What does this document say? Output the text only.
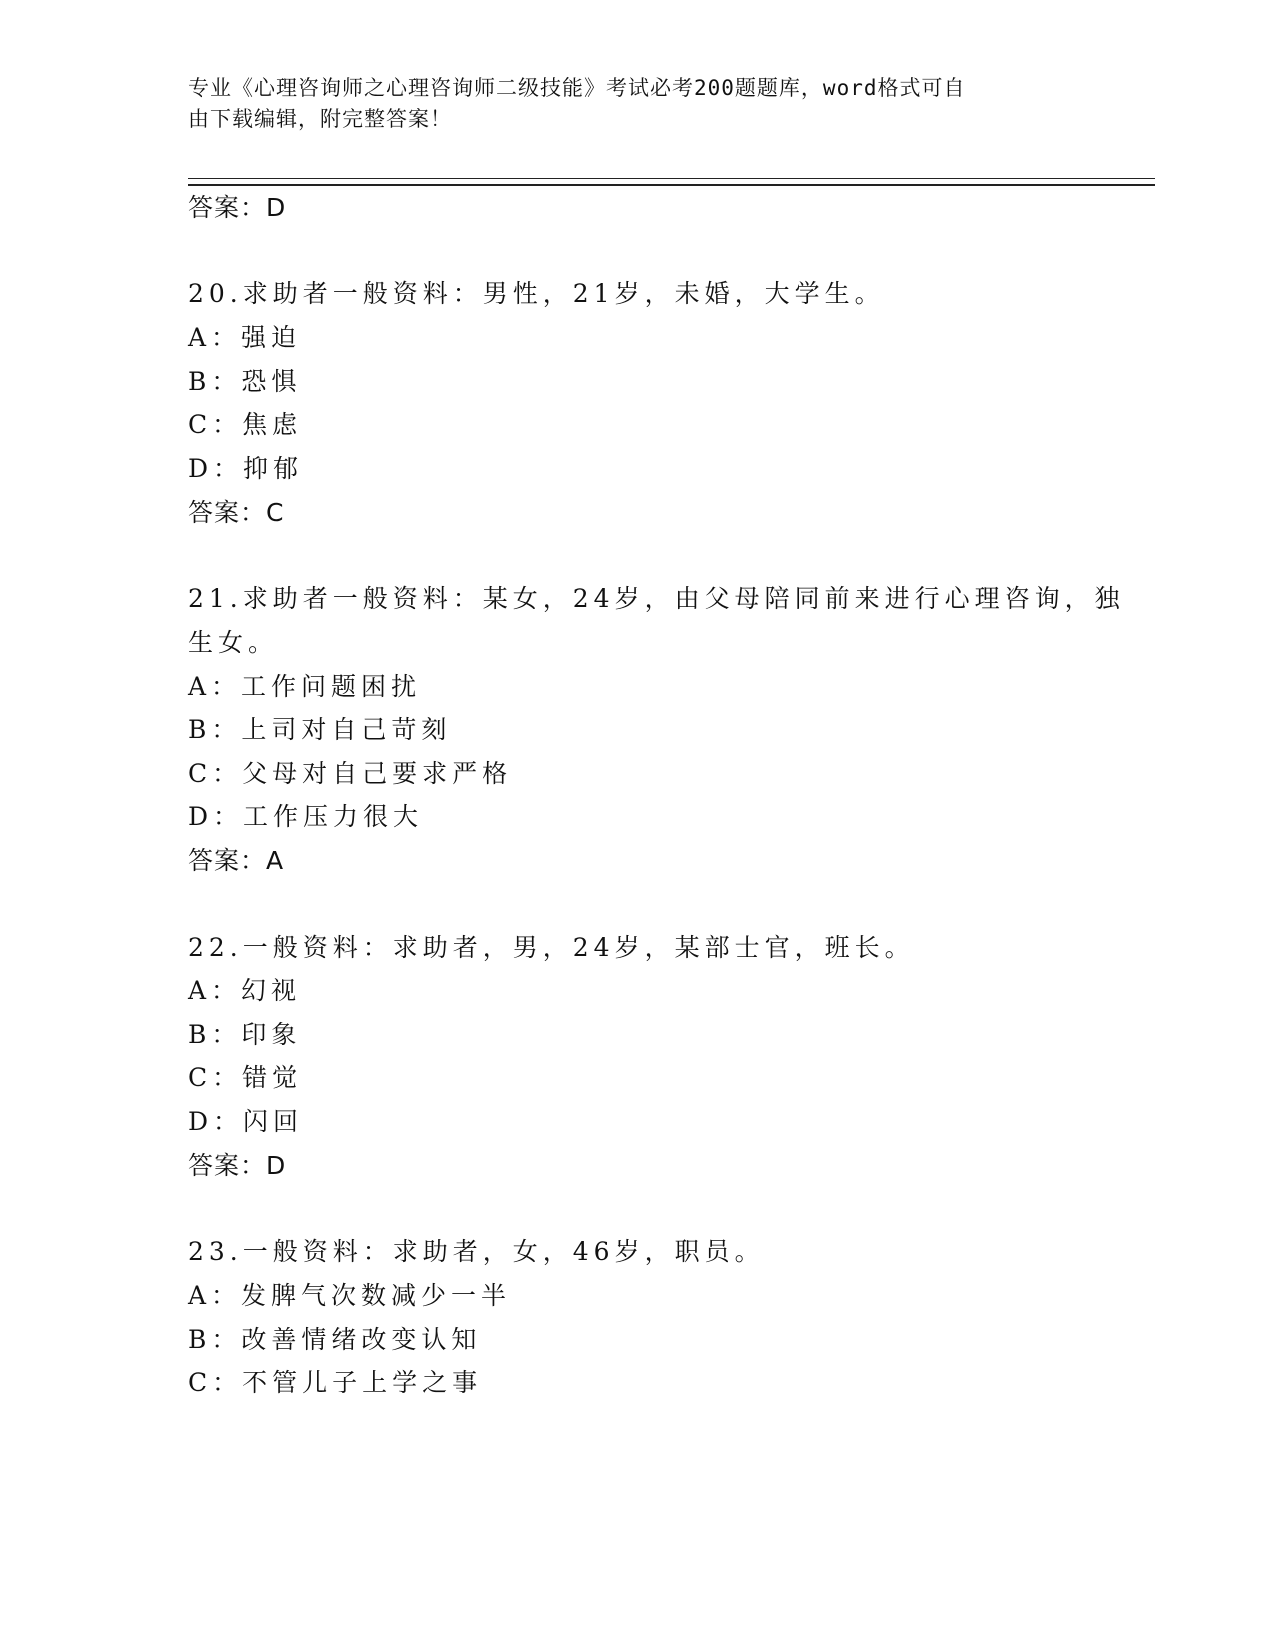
专业《心理咨询师之心理咨询师二级技能》考试必考200题题库，word格式可自
由下载编辑，附完整答案！
答案：D
20.求助者一般资料：男性，21岁，未婚，大学生。
A：强迫
B：恐惧
C：焦虑
D：抑郁
答案：C
21.求助者一般资料：某女，24岁，由父母陪同前来进行心理咨询，独
生女。
A：工作问题困扰
B：上司对自己苛刻
C：父母对自己要求严格
D：工作压力很大
答案：A
22.一般资料：求助者，男，24岁，某部士官，班长。
A：幻视
B：印象
C：错觉
D：闪回
答案：D
23.一般资料：求助者，女，46岁，职员。
A：发脾气次数减少一半
B：改善情绪改变认知
C：不管儿子上学之事
